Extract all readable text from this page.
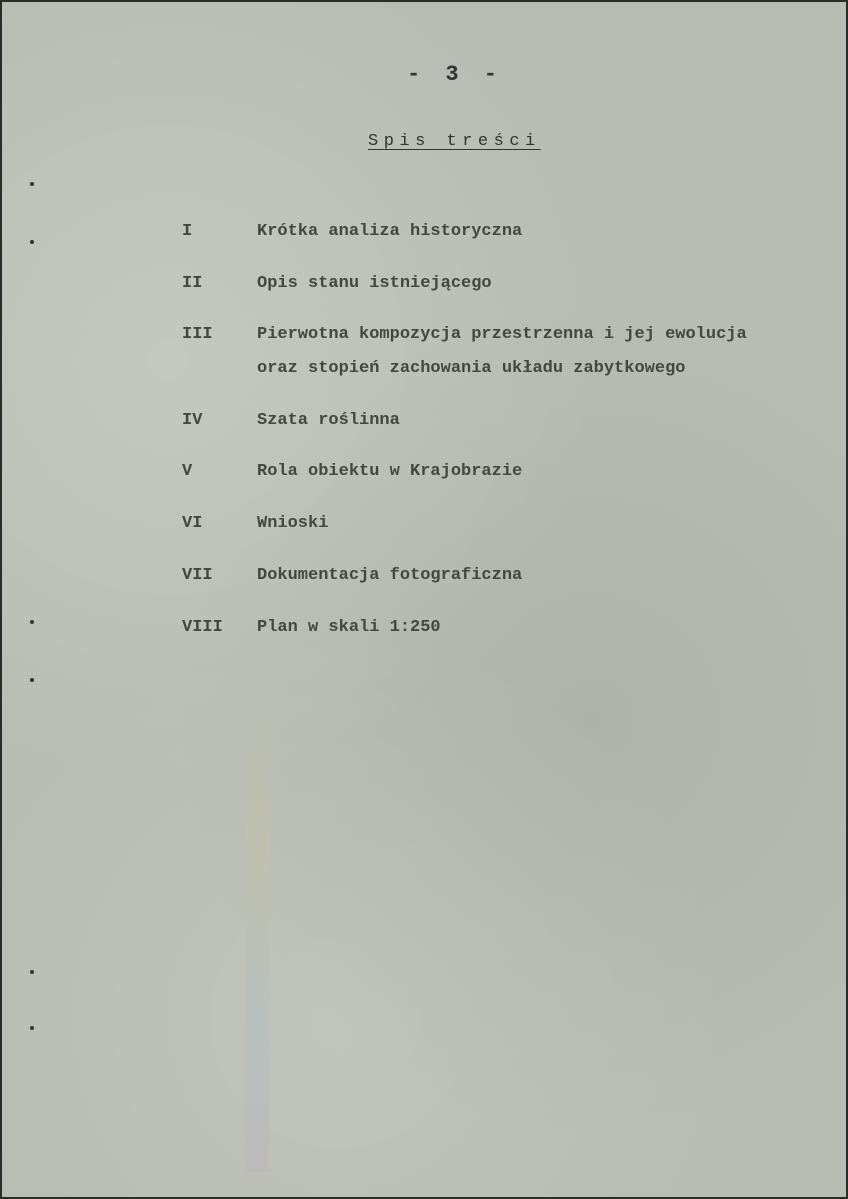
- 3 -
Spis treści
I	Krótka analiza historyczna
II	Opis stanu istniejącego
III	Pierwotna kompozycja przestrzenna i jej ewolucja
oraz stopień zachowania układu zabytkowego
IV	Szata roślinna
V	Rola obiektu w Krajobrazie
VI	Wnioski
VII	Dokumentacja fotograficzna
VIII Plan w skali 1:250
